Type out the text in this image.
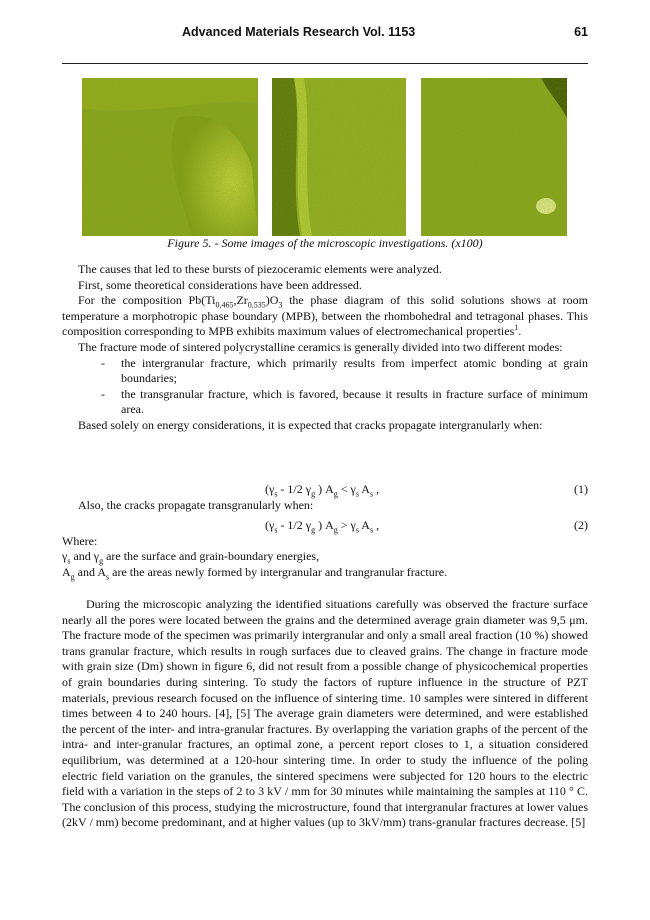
Advanced Materials Research Vol. 1153	61
Figure 5. - Some images of the microscopic investigations. (x100)

The causes that led to these bursts of piezoceramic elements were analyzed.

First, some theoretical considerations have been addressed.

For the composition $Pb(Ti_{0,465},Zr_{0,535})O_3$ the phase diagram of this solid solutions shows at room temperature a morphotropic phase boundary (MPB), between the rhombohedral and tetragonal phases. This composition corresponding to MPB exhibits maximum values of electromechanical properties$^1$.

The fracture mode of sintered polycrystalline ceramics is generally divided into two different modes:

- the intergranular fracture, which primarily results from imperfect atomic bonding at grain boundaries;
- the transgranular fracture, which is favored, because it results in fracture surface of minimum area.

Based solely on energy considerations, it is expected that cracks propagate intergranularly when:

($\gamma_s - 1/2$ $\gamma_g$ ) $A_g < \gamma_s$ $A_s$ ,	(1)

Also, the cracks propagate transgranularly when:

($\gamma_s - 1/2$ $\gamma_g$ ) $A_g > \gamma_s$ $A_s$ ,	(2)

Where:

$\gamma_s$ and $\gamma_g$ are the surface and grain-boundary energies,

$A_g$ and $A_s$ are the areas newly formed by intergranular and trangranular fracture.

During the microscopic analyzing the identified situations carefully was observed the fracture surface nearly all the pores were located between the grains and the determined average grain diameter was 9,5 μm. The fracture mode of the specimen was primarily intergranular and only a small areal fraction (10 %) showed trans granular fracture, which results in rough surfaces due to cleaved grains. The change in fracture mode with grain size (Dm) shown in figure 6, did not result from a possible change of physicochemical properties of grain boundaries during sintering. To study the factors of rupture influence in the structure of PZT materials, previous research focused on the influence of sintering time. 10 samples were sintered in different times between 4 to 240 hours. [4], [5] The average grain diameters were determined, and were established the percent of the inter- and intra-granular fractures. By overlapping the variation graphs of the percent of the intra- and inter-granular fractures, an optimal zone, a percent report closes to 1, a situation considered equilibrium, was determined at a 120-hour sintering time. In order to study the influence of the poling electric field variation on the granules, the sintered specimens were subjected for 120 hours to the electric field with a variation in the steps of 2 to 3 kV / mm for 30 minutes while maintaining the samples at 110 ° C. The conclusion of this process, studying the microstructure, found that intergranular fractures at lower values (2kV / mm) become predominant, and at higher values (up to 3kV/mm) trans-granular fractures decrease. [5]
